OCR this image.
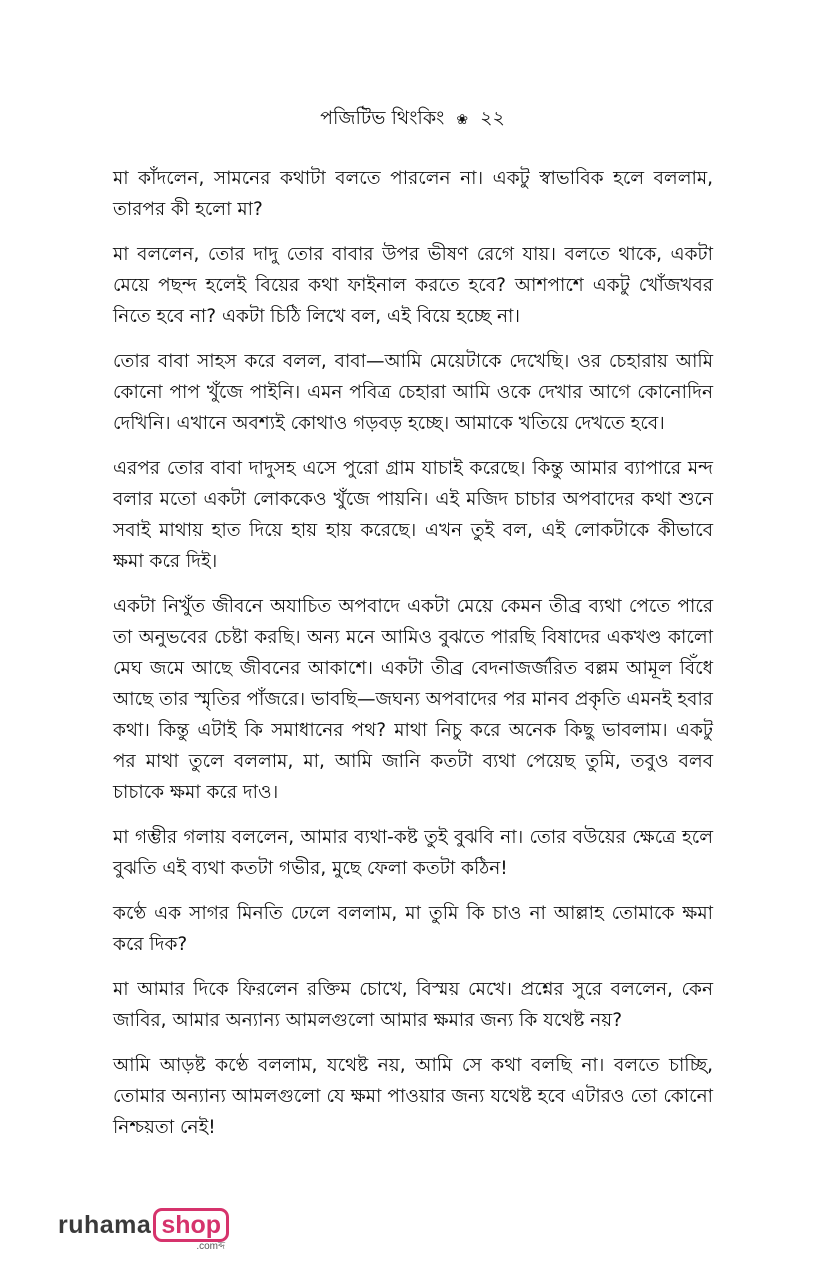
পজিটিভ থিংকিং ❀ ২২

মা কাঁদলেন, সামনের কথাটা বলতে পারলেন না। একটু স্বাভাবিক হলে বললাম, তারপর কী হলো মা?

মা বললেন, তোর দাদু তোর বাবার উপর ভীষণ রেগে যায়। বলতে থাকে, একটা মেয়ে পছন্দ হলেই বিয়ের কথা ফাইনাল করতে হবে? আশপাশে একটু খোঁজখবর নিতে হবে না? একটা চিঠি লিখে বল, এই বিয়ে হচ্ছে না।

তোর বাবা সাহস করে বলল, বাবা—আমি মেয়েটাকে দেখেছি। ওর চেহারায় আমি কোনো পাপ খুঁজে পাইনি। এমন পবিত্র চেহারা আমি ওকে দেখার আগে কোনোদিন দেখিনি। এখানে অবশ্যই কোথাও গড়বড় হচ্ছে। আমাকে খতিয়ে দেখতে হবে।

এরপর তোর বাবা দাদুসহ এসে পুরো গ্রাম যাচাই করেছে। কিন্তু আমার ব্যাপারে মন্দ বলার মতো একটা লোককেও খুঁজে পায়নি। এই মজিদ চাচার অপবাদের কথা শুনে সবাই মাথায় হাত দিয়ে হায় হায় করেছে। এখন তুই বল, এই লোকটাকে কীভাবে ক্ষমা করে দিই।

একটা নিখুঁত জীবনে অযাচিত অপবাদে একটা মেয়ে কেমন তীব্র ব্যথা পেতে পারে তা অনুভবের চেষ্টা করছি। অন্য মনে আমিও বুঝতে পারছি বিষাদের একখণ্ড কালো মেঘ জমে আছে জীবনের আকাশে। একটা তীব্র বেদনাজর্জরিত বল্লম আমূল বিঁধে আছে তার স্মৃতির পাঁজরে। ভাবছি—জঘন্য অপবাদের পর মানব প্রকৃতি এমনই হবার কথা। কিন্তু এটাই কি সমাধানের পথ? মাথা নিচু করে অনেক কিছু ভাবলাম। একটু পর মাথা তুলে বললাম, মা, আমি জানি কতটা ব্যথা পেয়েছ তুমি, তবুও বলব চাচাকে ক্ষমা করে দাও।

মা গম্ভীর গলায় বললেন, আমার ব্যথা-কষ্ট তুই বুঝবি না। তোর বউয়ের ক্ষেত্রে হলে বুঝতি এই ব্যথা কতটা গভীর, মুছে ফেলা কতটা কঠিন!

কণ্ঠে এক সাগর মিনতি ঢেলে বললাম, মা তুমি কি চাও না আল্লাহ তোমাকে ক্ষমা করে দিক?

মা আমার দিকে ফিরলেন রক্তিম চোখে, বিস্ময় মেখে। প্রশ্নের সুরে বললেন, কেন জাবির, আমার অন্যান্য আমলগুলো আমার ক্ষমার জন্য কি যথেষ্ট নয়?

আমি আড়ষ্ট কণ্ঠে বললাম, যথেষ্ট নয়, আমি সে কথা বলছি না। বলতে চাচ্ছি, তোমার অন্যান্য আমলগুলো যে ক্ষমা পাওয়ার জন্য যথেষ্ট হবে এটারও তো কোনো নিশ্চয়তা নেই!

ruhama shop
.comব্দ
